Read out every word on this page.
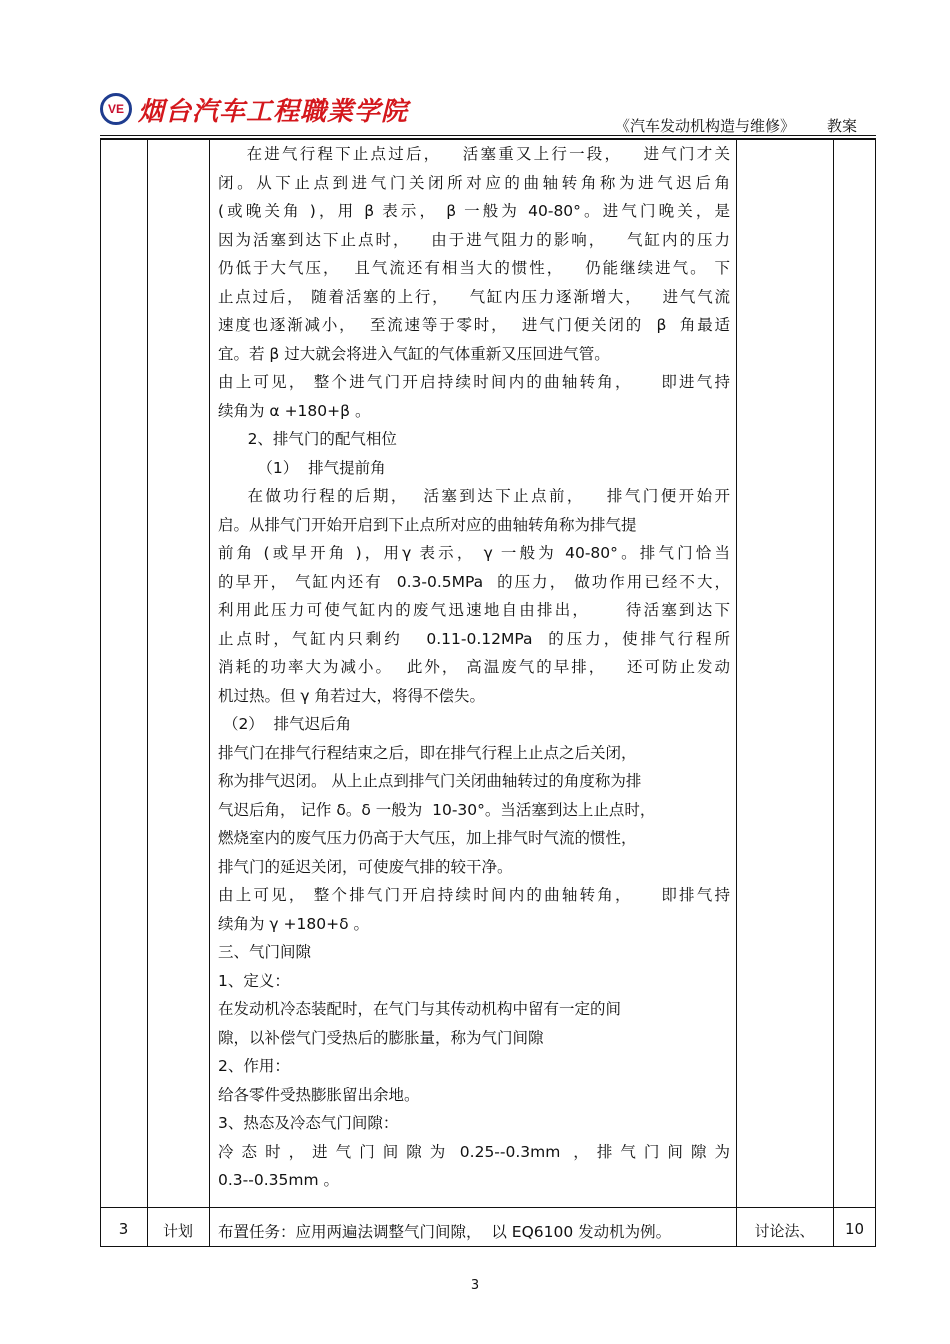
VE 烟台汽车工程職業学院	《汽车发动机构造与维修》 教案

在进气行程下止点过后，   活塞重又上行一段，   进气门才关

闭。从下止点到进气门关闭所对应的曲轴转角称为进气迟后角

(或晚关角 )，用 β 表示， β 一般为 40-80°。进气门晚关，是

因为活塞到达下止点时，   由于进气阻力的影响，   气缸内的压力

仍低于大气压，  且气流还有相当大的惯性，   仍能继续进气。 下

止点过后， 随着活塞的上行，   气缸内压力逐渐增大，   进气气流

速度也逐渐减小，  至流速等于零时，  进气门便关闭的  β  角最适

宜。若 β 过大就会将进入气缸的气体重新又压回进气管。

由上可见， 整个进气门开启持续时间内的曲轴转角，    即进气持

续角为 α +180+β 。

2、排气门的配气相位

（1）  排气提前角

在做功行程的后期，  活塞到达下止点前，   排气门便开始开

启。从排气门开始开启到下止点所对应的曲轴转角称为排气提

前角 (或早开角 )，用γ 表示， γ 一般为 40-80°。排气门恰当

的早开， 气缸内还有  0.3-0.5MPa  的压力， 做功作用已经不大，

利用此压力可使气缸内的废气迅速地自由排出，     待活塞到达下

止点时，气缸内只剩约   0.11-0.12MPa  的压力，使排气行程所

消耗的功率大为减小。  此外， 高温废气的早排，   还可防止发动

机过热。但 γ 角若过大，将得不偿失。

（2）  排气迟后角

排气门在排气行程结束之后，即在排气行程上止点之后关闭，

称为排气迟闭。 从上止点到排气门关闭曲轴转过的角度称为排

气迟后角， 记作 δ。δ 一般为  10-30°。当活塞到达上止点时，

燃烧室内的废气压力仍高于大气压，加上排气时气流的惯性，

排气门的延迟关闭，可使废气排的较干净。

由上可见， 整个排气门开启持续时间内的曲轴转角，    即排气持

续角为 γ +180+δ 。

三、气门间隙

1、定义：

在发动机冷态装配时，在气门与其传动机构中留有一定的间

隙，以补偿气门受热后的膨胀量，称为气门间隙

2、作用：

给各零件受热膨胀留出余地。

3、热态及冷态气门间隙：

冷 态 时 ， 进 气 门 间 隙 为  0.25--0.3mm  ， 排 气 门 间 隙 为

0.3--0.35mm 。

3	计划	布置任务：应用两遍法调整气门间隙，  以 EQ6100 发动机为例。	讨论法、	10
3
